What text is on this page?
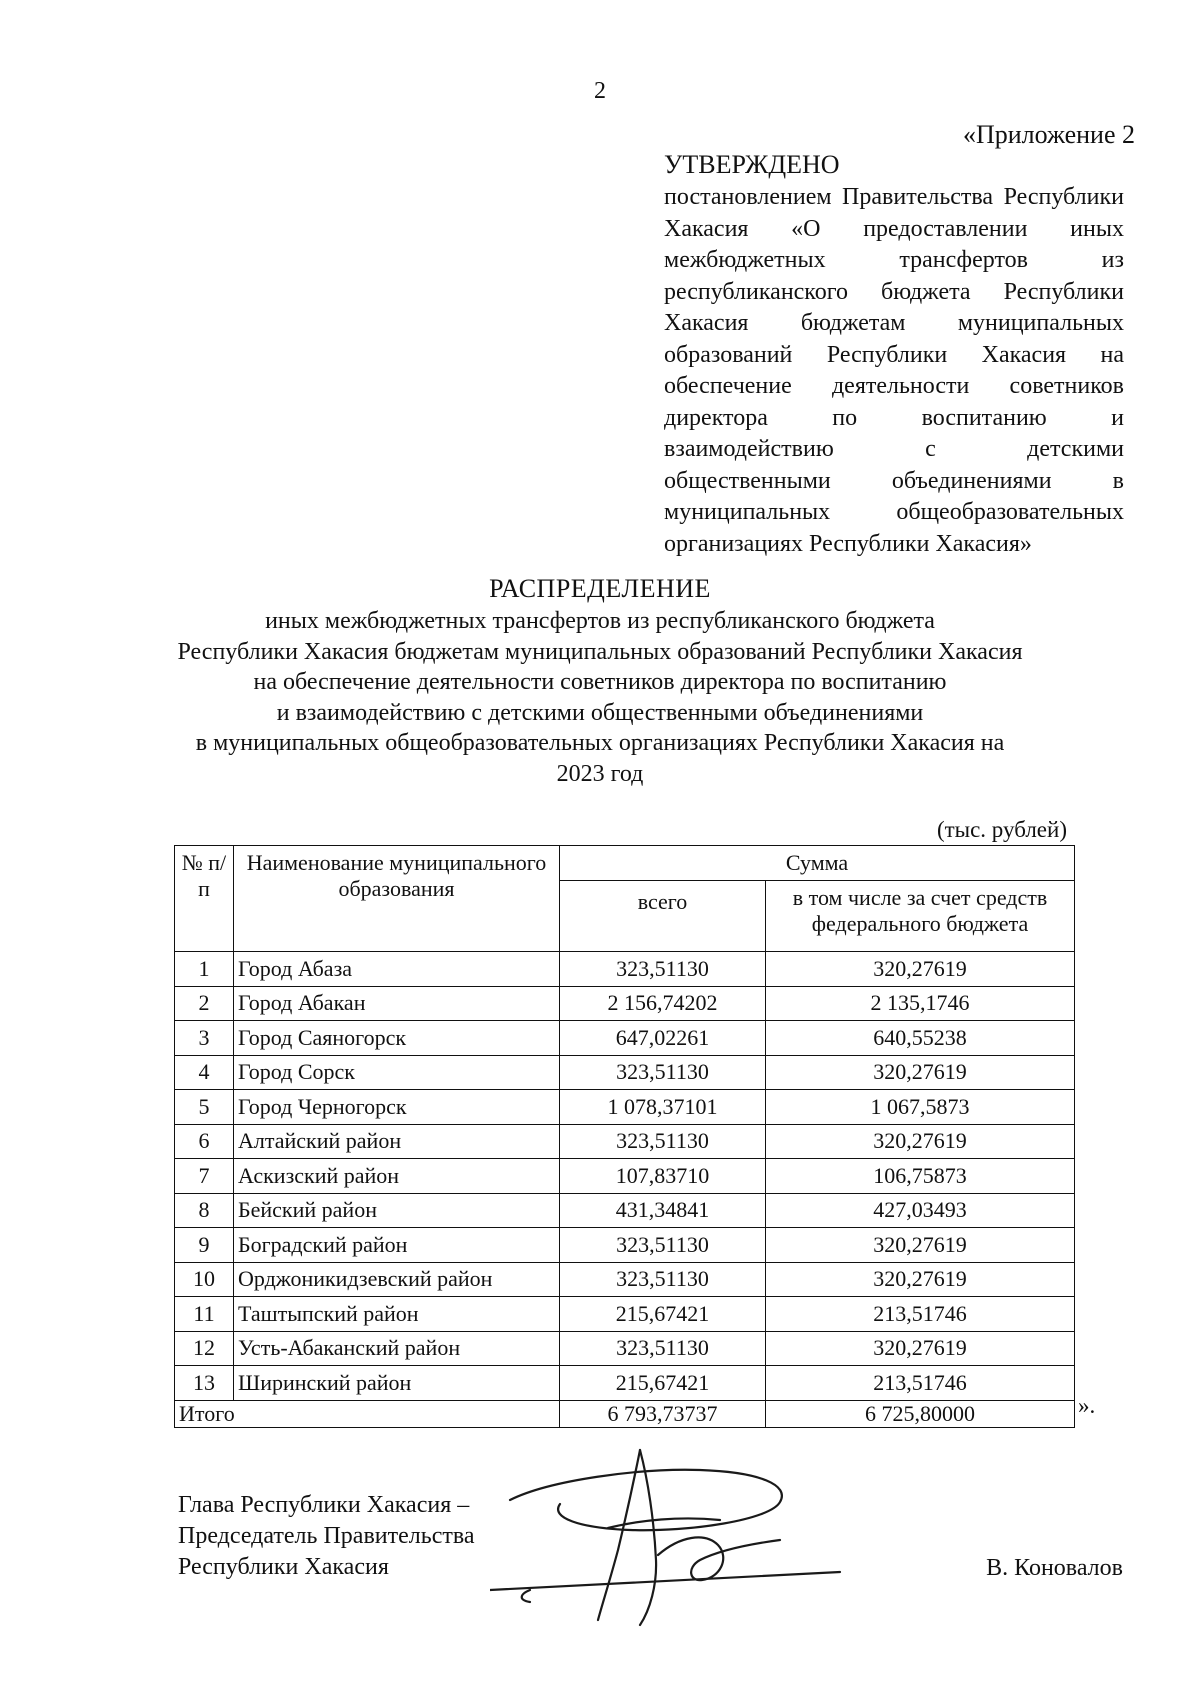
2
«Приложение 2
УТВЕРЖДЕНО
постановлением Правительства Республики Хакасия «О предоставлении иных межбюджетных трансфертов из республиканского бюджета Республики Хакасия бюджетам муниципальных образований Республики Хакасия на обеспечение деятельности советников директора по воспитанию и взаимодействию с детскими общественными объединениями в муниципальных общеобразовательных организациях Республики Хакасия»
РАСПРЕДЕЛЕНИЕ
иных межбюджетных трансфертов из республиканского бюджета
Республики Хакасия бюджетам муниципальных образований Республики Хакасия
на обеспечение деятельности советников директора по воспитанию
и взаимодействию с детскими общественными объединениями
в муниципальных общеобразовательных организациях Республики Хакасия на
2023 год
(тыс. рублей)
№ п/п	Наименование муниципального образования	Сумма	
		всего	в том числе за счет средств федерального бюджета
1	Город Абаза	323,51130	320,27619
2	Город Абакан	2 156,74202	2 135,1746
3	Город Саяногорск	647,02261	640,55238
4	Город Сорск	323,51130	320,27619
5	Город Черногорск	1 078,37101	1 067,5873
6	Алтайский район	323,51130	320,27619
7	Аскизский район	107,83710	106,75873
8	Бейский район	431,34841	427,03493
9	Боградский район	323,51130	320,27619
10	Орджоникидзевский район	323,51130	320,27619
11	Таштыпский район	215,67421	213,51746
12	Усть-Абаканский район	323,51130	320,27619
13	Ширинский район	215,67421	213,51746
Итого		6 793,73737	6 725,80000	».
Глава Республики Хакасия –
Председатель Правительства
Республики Хакасия	В. Коновалов
